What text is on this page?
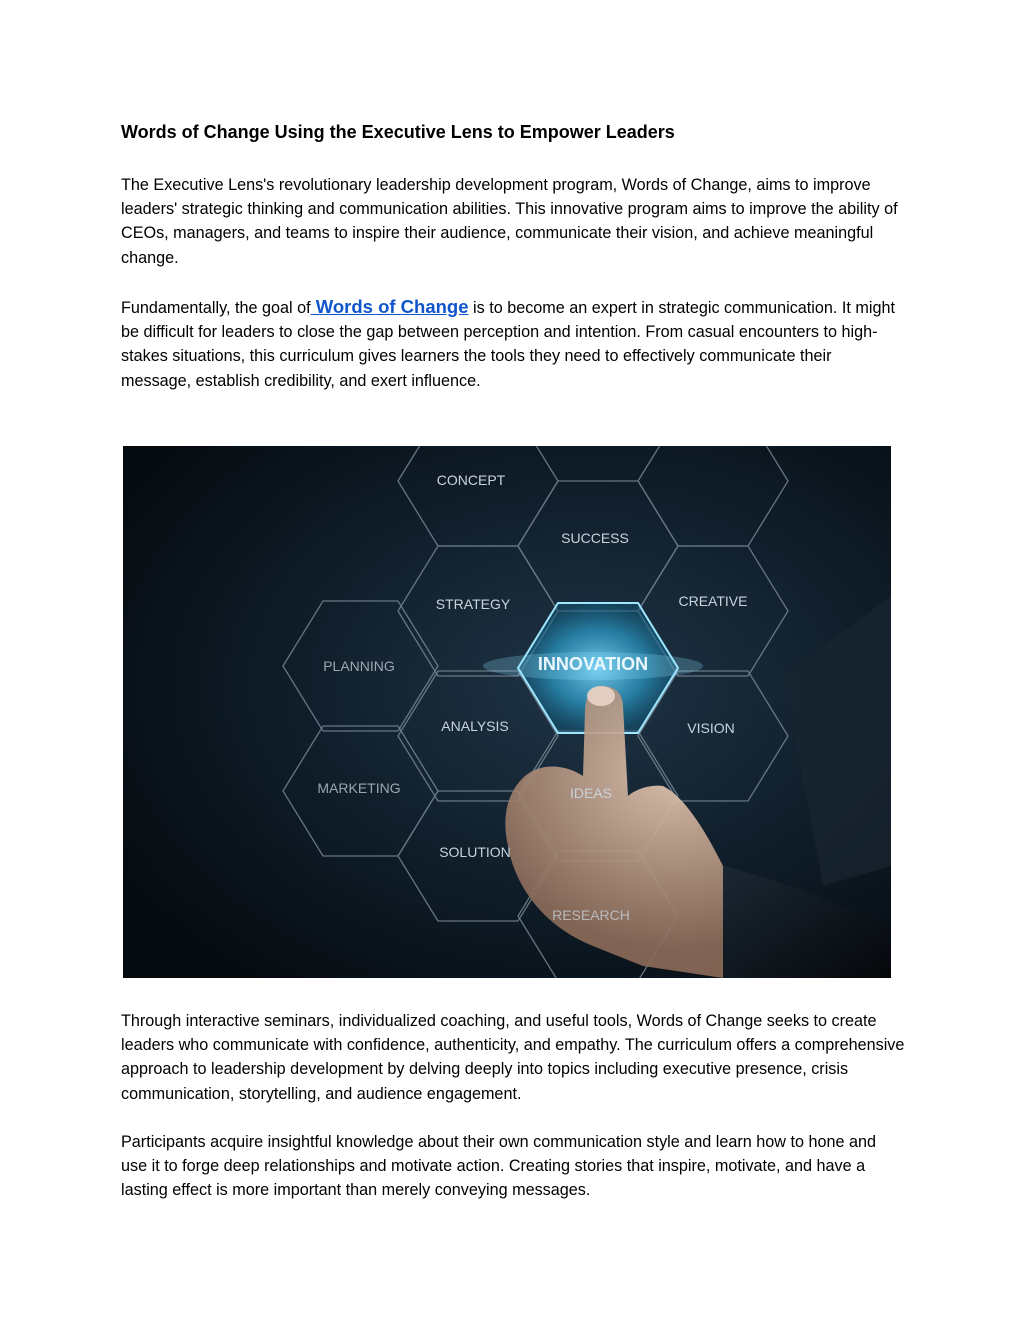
Words of Change Using the Executive Lens to Empower Leaders

The Executive Lens's revolutionary leadership development program, Words of Change, aims to improve leaders' strategic thinking and communication abilities. This innovative program aims to improve the ability of CEOs, managers, and teams to inspire their audience, communicate their vision, and achieve meaningful change.

Fundamentally, the goal of Words of Change is to become an expert in strategic communication. It might be difficult for leaders to close the gap between perception and intention. From casual encounters to high-stakes situations, this curriculum gives learners the tools they need to effectively communicate their message, establish credibility, and exert influence.

CONCEPT
SUCCESS
STRATEGY	CREATIVE
PLANNING
ANALYSIS	VISION
MARKETING	IDEAS
SOLUTION
RESEARCH
INNOVATION

Through interactive seminars, individualized coaching, and useful tools, Words of Change seeks to create leaders who communicate with confidence, authenticity, and empathy. The curriculum offers a comprehensive approach to leadership development by delving deeply into topics including executive presence, crisis communication, storytelling, and audience engagement.

Participants acquire insightful knowledge about their own communication style and learn how to hone and use it to forge deep relationships and motivate action. Creating stories that inspire, motivate, and have a lasting effect is more important than merely conveying messages.
